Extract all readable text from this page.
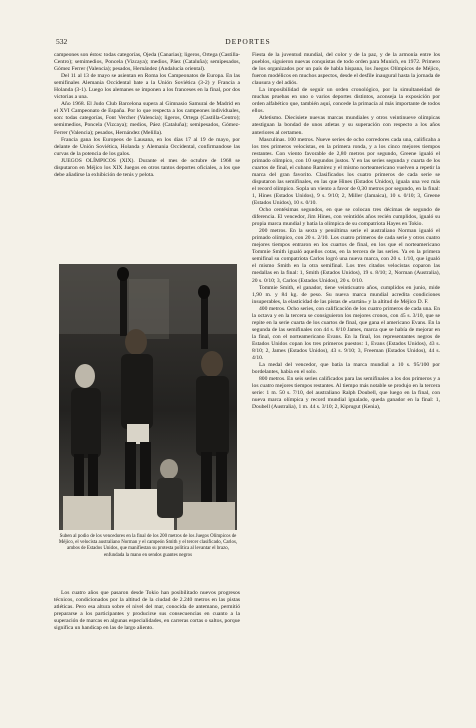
532	DEPORTES

campeones son éstos: todas categorías, Ojeda (Canarias); ligeros, Ortega (Castilla-Centro); semimedios, Poncela (Vizcaya); medios, Páez (Cataluña); semipesados, Gómez Ferrer (Valencia); pesados, Hernández (Andalucía oriental).

Del 11 al 13 de mayo se asientan en Roma los Campeonatos de Europa. En las semifinales Alemania Occidental bate a la Unión Soviética (3-2) y Francia a Holanda (3-1). Luego los alemanes se imponen a los franceses en la final, por dos victorias a una.

Año 1968. El Judo Club Barcelona supera al Gimnasio Samurai de Madrid en el XVI Campeonato de España. Por lo que respecta a los campeones individuales, son: todas categorías, Font Vercher (Valencia); ligeros, Ortega (Castilla-Centro); semimedios, Poncela (Vizcaya); medios, Páez (Cataluña); semipesados, Gómez-Ferrer (Valencia); pesados, Hernández (Melilla).

Francia gana los Europeos de Lausana, en los días 17 al 19 de mayo, por delante de Unión Soviética, Holanda y Alemania Occidental, confirmandose las curvas de la potencia de los galos.

JUEGOS OLÍMPICOS (XIX). Durante el mes de octubre de 1968 se disputaron en Méjico los XIX Juegos en otros tantos deportes oficiales, a los que debe añadirse la exhibición de tenis y pelota.

Suben al podio de los vencedores en la final de los 200 metros de los Juegos Olímpicos de Méjico, el velocista australiano Norman y el campeón Smith y el tercer clasificado, Carlos, ambos de Estados Unidos, que manifiestan su protesta política al levantar el brazo, enfundada la mano en sendos guantes negros

Los cuatro años que pasaron desde Tokio han posibilitado nuevos progresos técnicos, condicionados por la altitud de la ciudad de 2.240 metros en las pistas atléticas. Pero esa altura sobre el nivel del mar, conocida de antemano, permitió prepararse a los participantes y producirse sus consecuencias en cuanto a la superación de marcas en algunas especialidades, en carreras cortas o saltos, porque significa un handicap en las de largo aliento.

Fiesta de la juventud mundial, del color y de la paz, y de la armonía entre los pueblos, siguieron nuevas conquistas de todo orden para Munich, en 1972. Primero de los organizados por un país de habla hispana, los Juegos Olímpicos de Méjico, fueron modélicos en muchos aspectos, desde el desfile inaugural hasta la jornada de clausura y del adiós.

La imposibilidad de seguir un orden cronológico, por la simultaneidad de muchas pruebas en uno o varios deportes distintos, aconseja la exposición por orden alfabético que, también aquí, concede la primacía al más importante de todos ellos.

Atletismo. Diecisiete nuevas marcas mundiales y otros veintinueve olímpicas atestiguan la bondad de unos atletas y su superación con respecto a los años anteriores al certamen.

Masculinas. 100 metros. Nueve series de ocho corredores cada una, calificaba a los tres primeros velocistas, en la primera ronda, y a los cinco mejores tiempos restantes. Con viento favorable de 2,80 metros por segundo, Greene igualó el primado olímpico, con 10 segundos justos. Y en las series segunda y cuarta de los cuartos de final, el cubano Ramírez y el mismo norteamericano vuelven a repetir la marca del gran favorito. Clasificados los cuatro primeros de cada serie se disputaron las semifinales, en las que Hines (Estados Unidos), iguala una vez más el record olímpico. Sopla un viento a favor de 0,30 metros por segundo, en la final: 1, Hines (Estados Unidos), 9 s. 9/10; 2, Miller (Jamaica), 10 s. 0/10; 3, Greene (Estados Unidos), 10 s. 0/10.

Ocho centésimas segundos, en que se colocan tres décimas de segundo de diferencia. El vencedor, Jim Hines, con veintidós años recién cumplidos, igualó su propia marca mundial y batía la olímpica de su compatriota Hayes en Tokio.

200 metros. En la sexta y penúltima serie el australiano Norman igualó el primado olímpico, con 20 s. 2/10. Los cuatro primeros de cada serie y otros cuatro mejores tiempos entraron en los cuartos de final, en los que el norteamericano Tommie Smith igualó aquellos cotas, en la tercera de las series. Ya en la primera semifinal su compatriota Carlos logró una nueva marca, con 20 s. 1/10, que igualó el mismo Smith en la otra semifinal. Los tres citados velocistas coparon las medallas en la final: 1, Smith (Estados Unidos), 19 s. 8/10; 2, Norman (Australia), 20 s. 0/10; 3, Carlos (Estados Unidos), 20 s. 0/10.

Tommie Smith, el ganador, tiene veinticuatro años, cumplidos en junio, mide 1,90 m. y 84 kg. de peso. Su nueva marca mundial acredita condiciones insuperables, la elasticidad de las pistas de «tartán» y la altitud de Méjico D. F.

400 metros. Ocho series, con calificación de los cuatro primeros de cada una. En la octava y en la tercera se consiguieron los mejores cronos, con 45 s. 3/10, que se repite en la serie cuarta de los cuartos de final, que gana el americano Evans. En la segunda de las semifinales con 44 s. 8/10 James, marca que se había de mejorar en la final, con el norteamericano Evans. En la final, los representantes negros de Estados Unidos copan los tres primeros puestos: 1, Evans (Estados Unidos), 43 s. 8/10; 2, James (Estados Unidos), 43 s. 9/10; 3, Freeman (Estados Unidos), 44 s. 4/10.

La medal del vencedor, que batía la marca mundial a 10 s. 95/100 por bordelantes, había en el solo.

800 metros. En seis series calificados para las semifinales a los dos primeros y a los cuatro mejores tiempos restantes. Al tiempo más notable se produjo en la tercera serie: 1 m. 50 s. 7/10, del australiano Ralph Doubell, que luego en la final, con nueva marca olímpica y record mundial igualado, queda ganador en la final: 1, Doubell (Australia), 1 m. 44 s. 3/10; 2, Kiprugut (Kenia),
